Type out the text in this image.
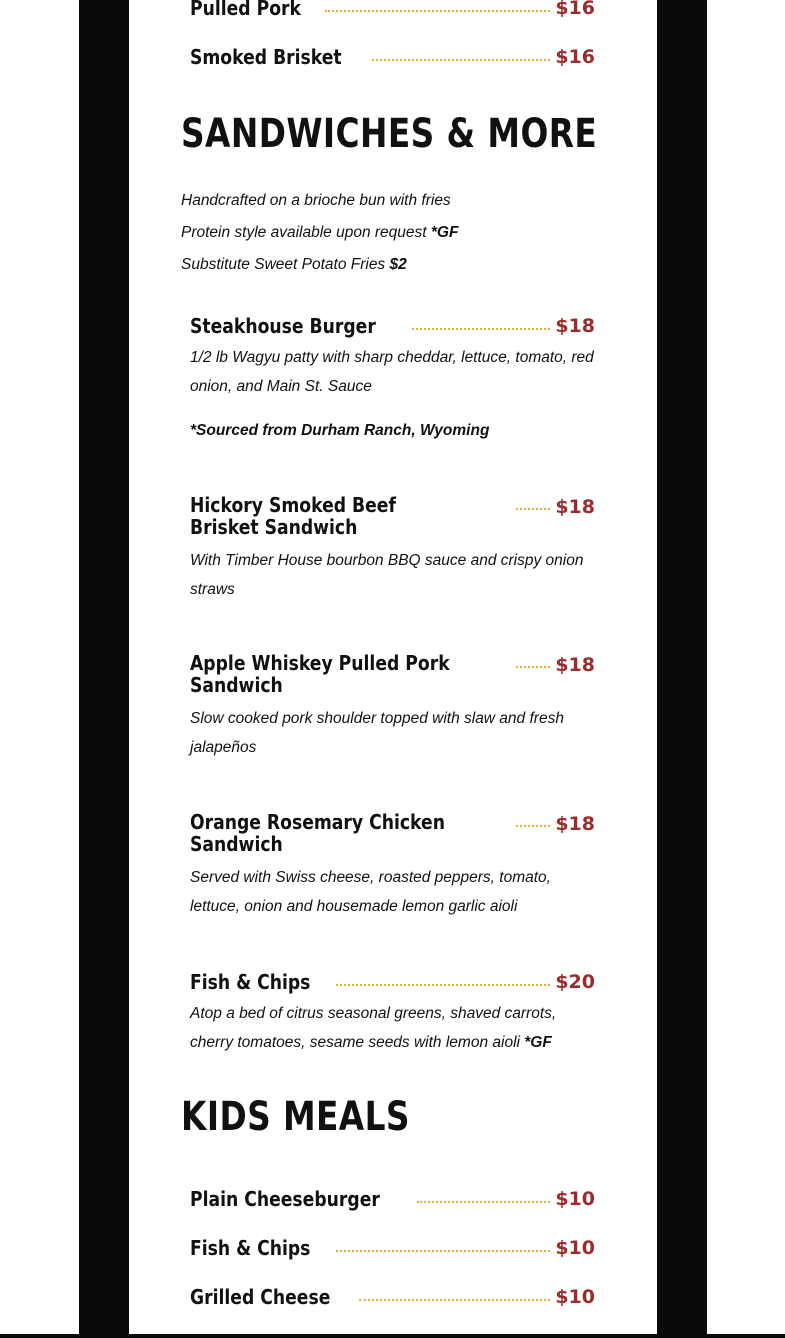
Pulled Pork	$16
Smoked Brisket	$16
SANDWICHES & MORE

Handcrafted on a brioche bun with fries

Protein style available upon request *GF

Substitute Sweet Potato Fries $2

Steakhouse Burger	$18

1/2 lb Wagyu patty with sharp cheddar, lettuce, tomato, red onion, and Main St. Sauce

*Sourced from Durham Ranch, Wyoming

Hickory Smoked Beef Brisket Sandwich
$18

With Timber House bourbon BBQ sauce and crispy onion straws

Apple Whiskey Pulled Pork Sandwich
$18

Slow cooked pork shoulder topped with slaw and fresh jalapeños

Orange Rosemary Chicken Sandwich
$18

Served with Swiss cheese, roasted peppers, tomato, lettuce, onion and housemade lemon garlic aioli

Fish & Chips	$20

Atop a bed of citrus seasonal greens, shaved carrots, cherry tomatoes, sesame seeds with lemon aioli *GF

KIDS MEALS
Plain Cheeseburger	$10
Fish & Chips	$10
Grilled Cheese	$10
